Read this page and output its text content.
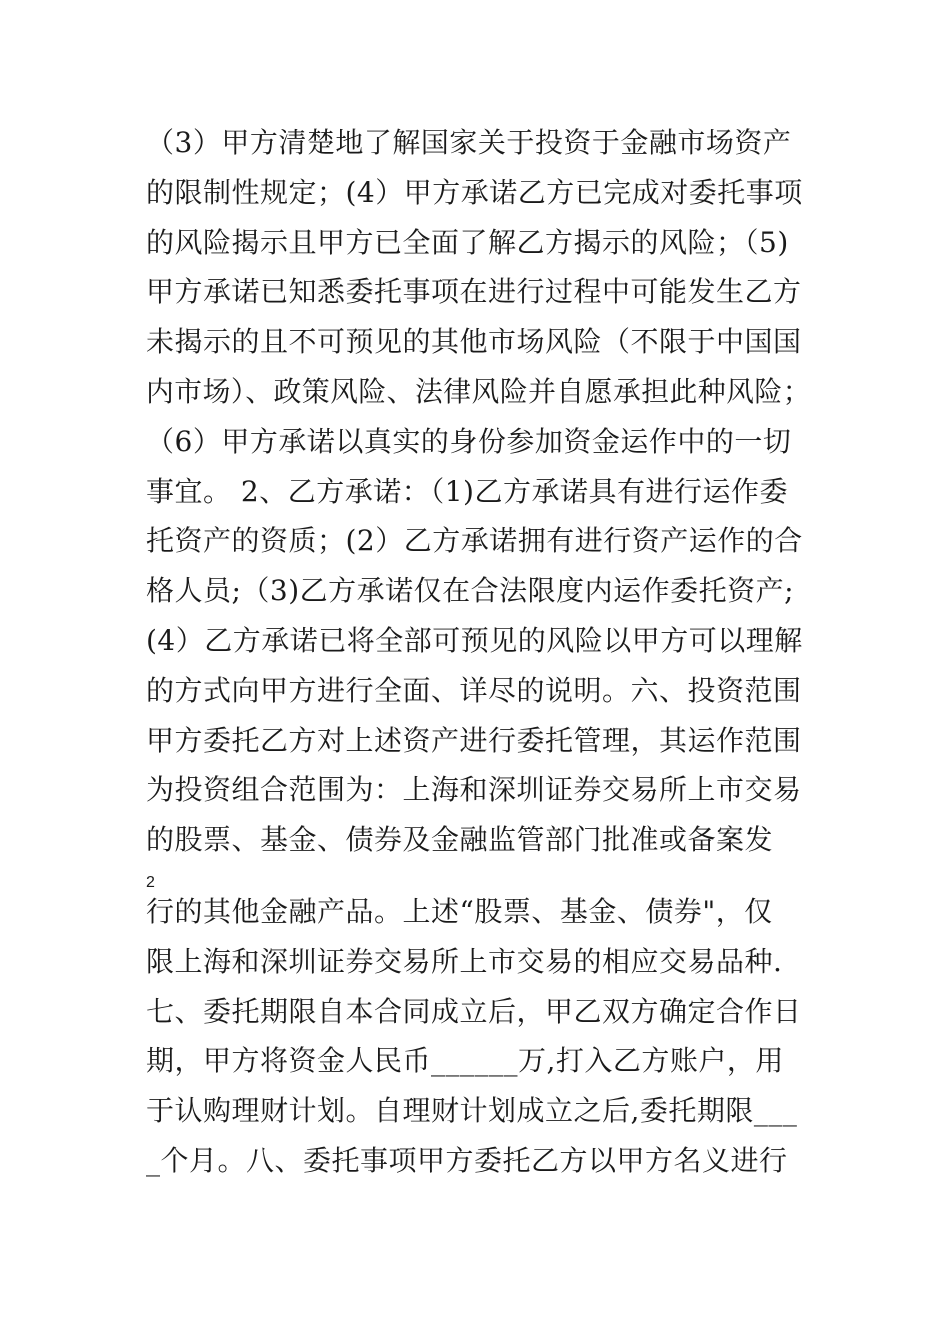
（3）甲方清楚地了解国家关于投资于金融市场资产
的限制性规定；(4）甲方承诺乙方已完成对委托事项
的风险揭示且甲方已全面了解乙方揭示的风险；（5)
甲方承诺已知悉委托事项在进行过程中可能发生乙方
未揭示的且不可预见的其他市场风险（不限于中国国
内市场）、政策风险、法律风险并自愿承担此种风险；
（6）甲方承诺以真实的身份参加资金运作中的一切
事宜。 2、乙方承诺：（1)乙方承诺具有进行运作委
托资产的资质；(2）乙方承诺拥有进行资产运作的合
格人员;（3)乙方承诺仅在合法限度内运作委托资产;
(4）乙方承诺已将全部可预见的风险以甲方可以理解
的方式向甲方进行全面、详尽的说明。六、投资范围
甲方委托乙方对上述资产进行委托管理，其运作范围
为投资组合范围为：上海和深圳证券交易所上市交易
的股票、基金、债券及金融监管部门批准或备案发
2
行的其他金融产品。上述“股票、基金、债券"，仅
限上海和深圳证券交易所上市交易的相应交易品种.
七、委托期限自本合同成立后，甲乙双方确定合作日
期，甲方将资金人民币______万,打入乙方账户，用
于认购理财计划。自理财计划成立之后,委托期限___
_个月。八、委托事项甲方委托乙方以甲方名义进行
